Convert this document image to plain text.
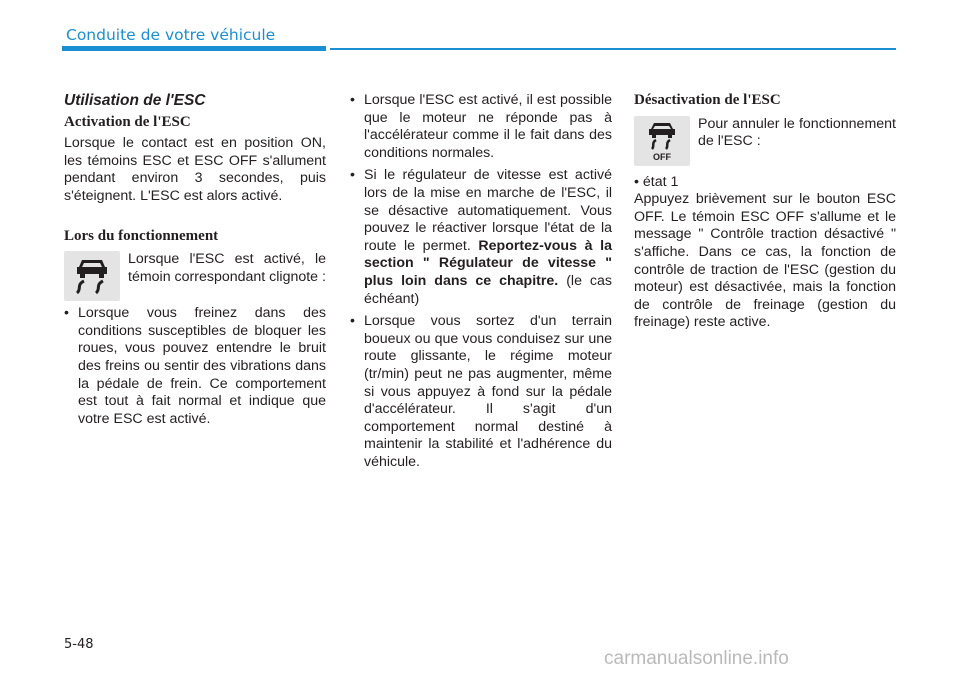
Conduite de votre véhicule
Utilisation de l'ESC
Activation de l'ESC

Lorsque le contact est en position ON, les témoins ESC et ESC OFF s'allument pendant environ 3 secondes, puis s'éteignent. L'ESC est alors activé.

Lors du fonctionnement
Lorsque l'ESC est activé, le témoin correspondant clignote :
• Lorsque vous freinez dans des conditions susceptibles de bloquer les roues, vous pouvez entendre le bruit des freins ou sentir des vibrations dans la pédale de frein. Ce comportement est tout à fait normal et indique que votre ESC est activé.
• Lorsque l'ESC est activé, il est possible que le moteur ne réponde pas à l'accélérateur comme il le fait dans des conditions normales.
• Si le régulateur de vitesse est activé lors de la mise en marche de l'ESC, il se désactive automatiquement. Vous pouvez le réactiver lorsque l'état de la route le permet. Reportez-vous à la section " Régulateur de vitesse " plus loin dans ce chapitre. (le cas échéant)
• Lorsque vous sortez d'un terrain boueux ou que vous conduisez sur une route glissante, le régime moteur (tr/min) peut ne pas augmenter, même si vous appuyez à fond sur la pédale d'accélérateur. Il s'agit d'un comportement normal destiné à maintenir la stabilité et l'adhérence du véhicule.
Désactivation de l'ESC
OFF
Pour annuler le fonctionnement de l'ESC :

• état 1

Appuyez brièvement sur le bouton ESC OFF. Le témoin ESC OFF s'allume et le message " Contrôle traction désactivé " s'affiche. Dans ce cas, la fonction de contrôle de traction de l'ESC (gestion du moteur) est désactivée, mais la fonction de contrôle de freinage (gestion du freinage) reste active.

5-48
carmanualsonline.info
